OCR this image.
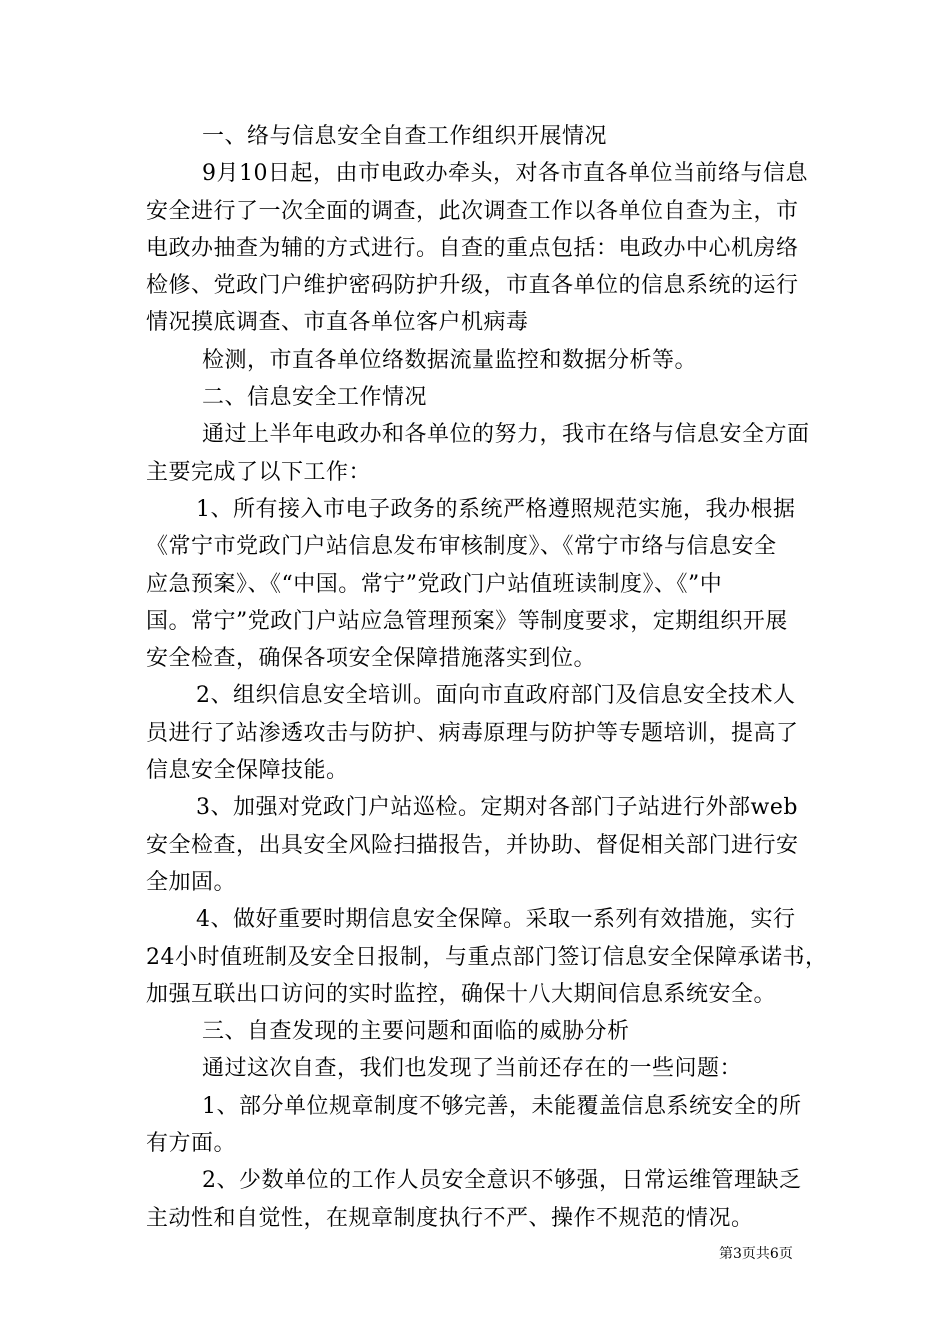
一、络与信息安全自查工作组织开展情况
9月10日起，由市电政办牵头，对各市直各单位当前络与信息
安全进行了一次全面的调查，此次调查工作以各单位自查为主，市
电政办抽查为辅的方式进行。自查的重点包括：电政办中心机房络
检修、党政门户维护密码防护升级，市直各单位的信息系统的运行
情况摸底调查、市直各单位客户机病毒
检测，市直各单位络数据流量监控和数据分析等。
二、信息安全工作情况
通过上半年电政办和各单位的努力，我市在络与信息安全方面
主要完成了以下工作：
1、所有接入市电子政务的系统严格遵照规范实施，我办根据
《常宁市党政门户站信息发布审核制度》、《常宁市络与信息安全
应急预案》、《“中国。常宁”党政门户站值班读制度》、《”中
国。常宁”党政门户站应急管理预案》等制度要求，定期组织开展
安全检查，确保各项安全保障措施落实到位。
2、组织信息安全培训。面向市直政府部门及信息安全技术人
员进行了站渗透攻击与防护、病毒原理与防护等专题培训，提高了
信息安全保障技能。
3、加强对党政门户站巡检。定期对各部门子站进行外部web
安全检查，出具安全风险扫描报告，并协助、督促相关部门进行安
全加固。
4、做好重要时期信息安全保障。采取一系列有效措施，实行
24小时值班制及安全日报制，与重点部门签订信息安全保障承诺书，
加强互联出口访问的实时监控，确保十八大期间信息系统安全。
三、自查发现的主要问题和面临的威胁分析
通过这次自查，我们也发现了当前还存在的一些问题：
1、部分单位规章制度不够完善，未能覆盖信息系统安全的所
有方面。
2、少数单位的工作人员安全意识不够强，日常运维管理缺乏
主动性和自觉性，在规章制度执行不严、操作不规范的情况。
第3页共6页
